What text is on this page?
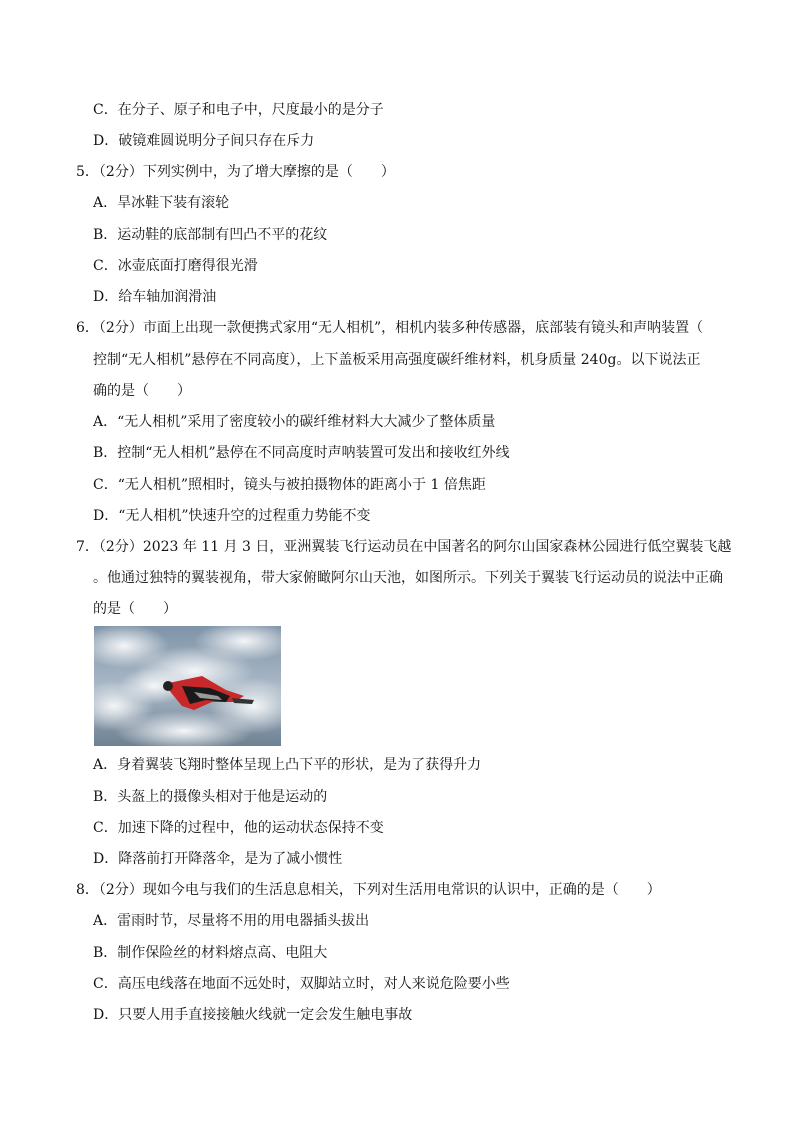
C．在分子、原子和电子中，尺度最小的是分子
D．破镜难圆说明分子间只存在斥力
5．（2分）下列实例中，为了增大摩擦的是（　　）
A．旱冰鞋下装有滚轮
B．运动鞋的底部制有凹凸不平的花纹
C．冰壶底面打磨得很光滑
D．给车轴加润滑油
6．（2分）市面上出现一款便携式家用“无人相机”，相机内装多种传感器，底部装有镜头和声呐装置（
控制“无人相机”悬停在不同高度），上下盖板采用高强度碳纤维材料，机身质量 240g。以下说法正
确的是（　　）
A．“无人相机”采用了密度较小的碳纤维材料大大减少了整体质量
B．控制“无人相机”悬停在不同高度时声呐装置可发出和接收红外线
C．“无人相机”照相时，镜头与被拍摄物体的距离小于 1 倍焦距
D．“无人相机”快速升空的过程重力势能不变
7．（2分）2023 年 11 月 3 日，亚洲翼装飞行运动员在中国著名的阿尔山国家森林公园进行低空翼装飞越
。他通过独特的翼装视角，带大家俯瞰阿尔山天池，如图所示。下列关于翼装飞行运动员的说法中正确
的是（　　）
A．身着翼装飞翔时整体呈现上凸下平的形状，是为了获得升力
B．头盔上的摄像头相对于他是运动的
C．加速下降的过程中，他的运动状态保持不变
D．降落前打开降落伞，是为了减小惯性
8．（2分）现如今电与我们的生活息息相关，下列对生活用电常识的认识中，正确的是（　　）
A．雷雨时节，尽量将不用的用电器插头拔出
B．制作保险丝的材料熔点高、电阻大
C．高压电线落在地面不远处时，双脚站立时，对人来说危险要小些
D．只要人用手直接接触火线就一定会发生触电事故
